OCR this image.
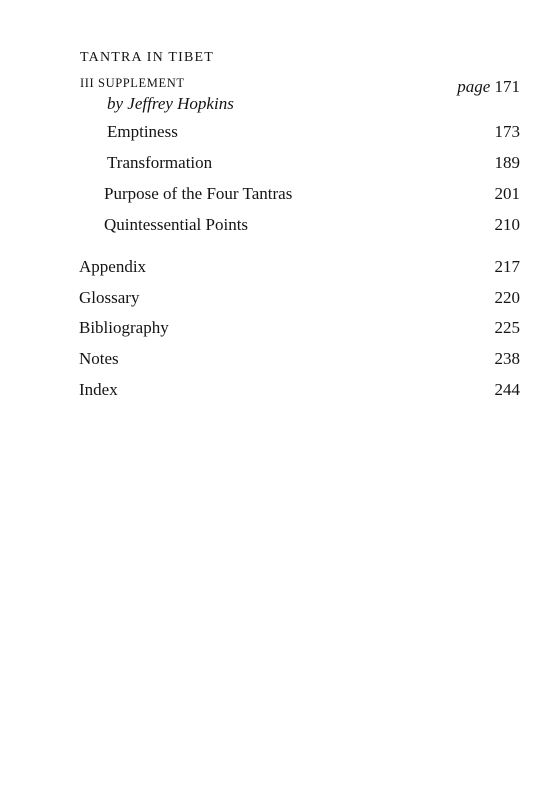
TANTRA IN TIBET
III SUPPLEMENT	page 171
by Jeffrey Hopkins
Emptiness	173
Transformation	189
Purpose of the Four Tantras	201
Quintessential Points	210
Appendix	217
Glossary	220
Bibliography	225
Notes	238
Index	244
